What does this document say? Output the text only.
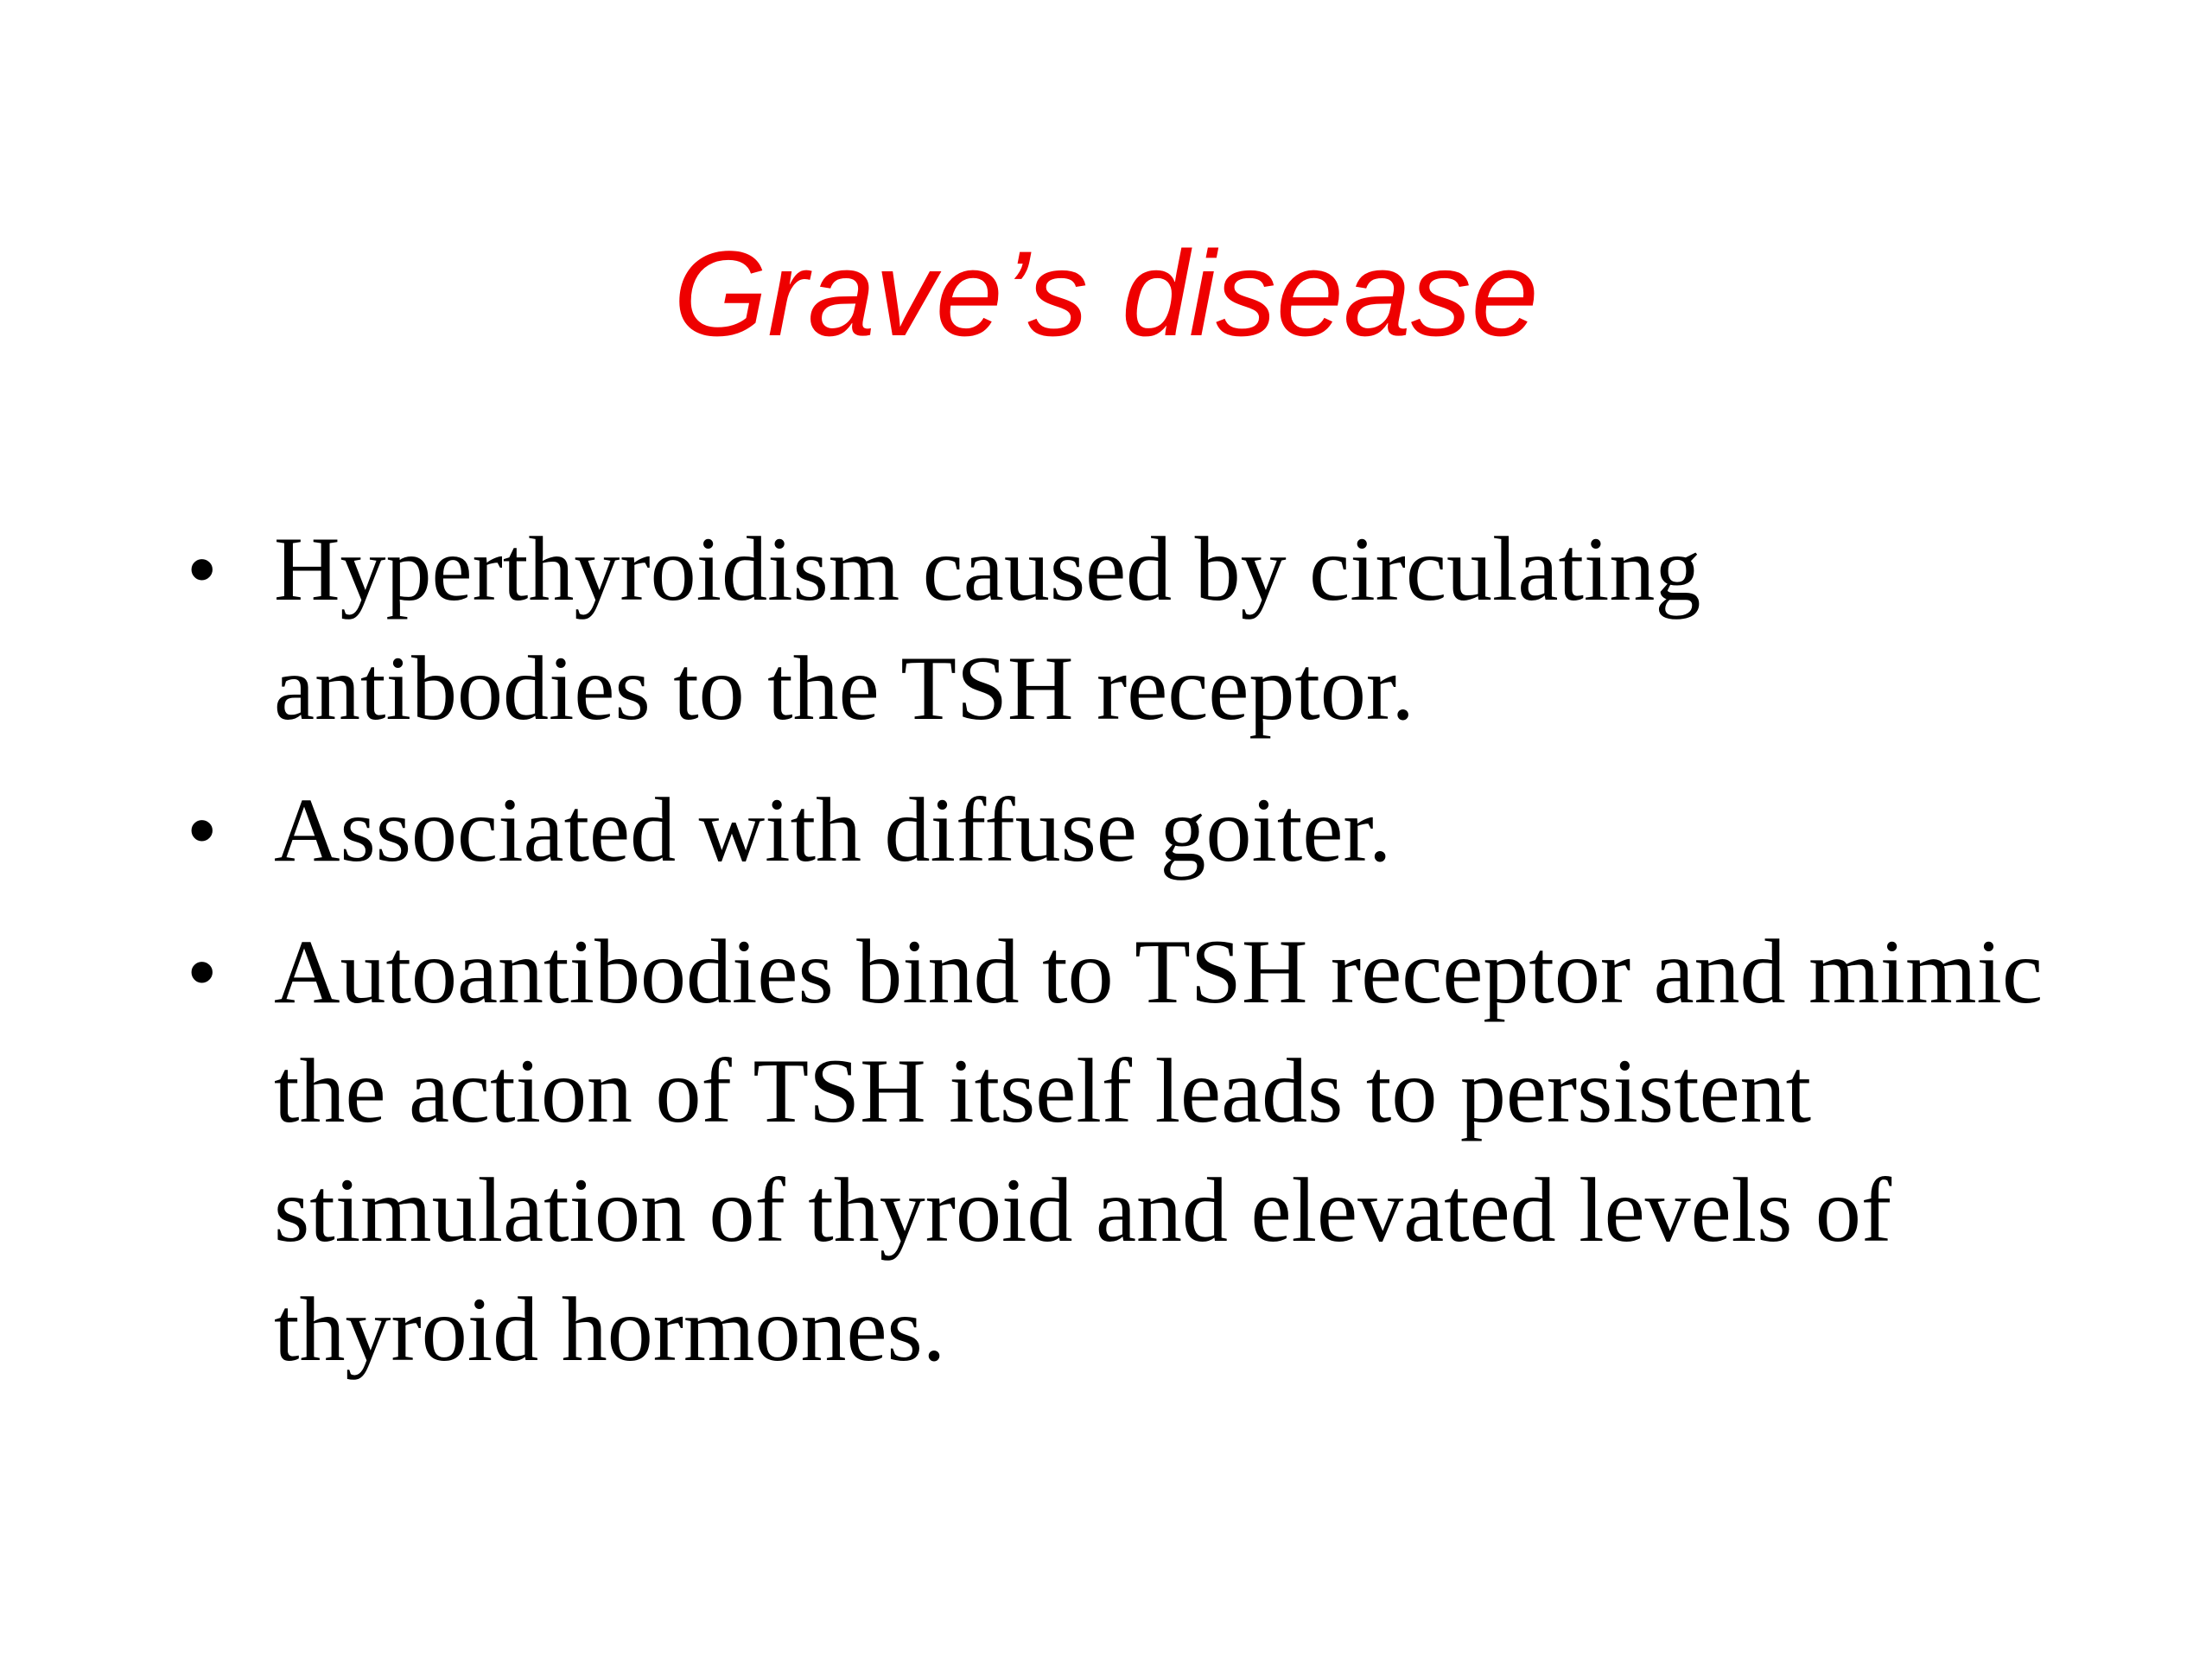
Grave’s disease
• Hyperthyroidism caused by circulating antibodies to the TSH receptor.
• Associated with diffuse goiter.
• Autoantibodies bind to TSH receptor and mimic the action of TSH itself leads to persistent stimulation of thyroid and elevated levels of thyroid hormones.
